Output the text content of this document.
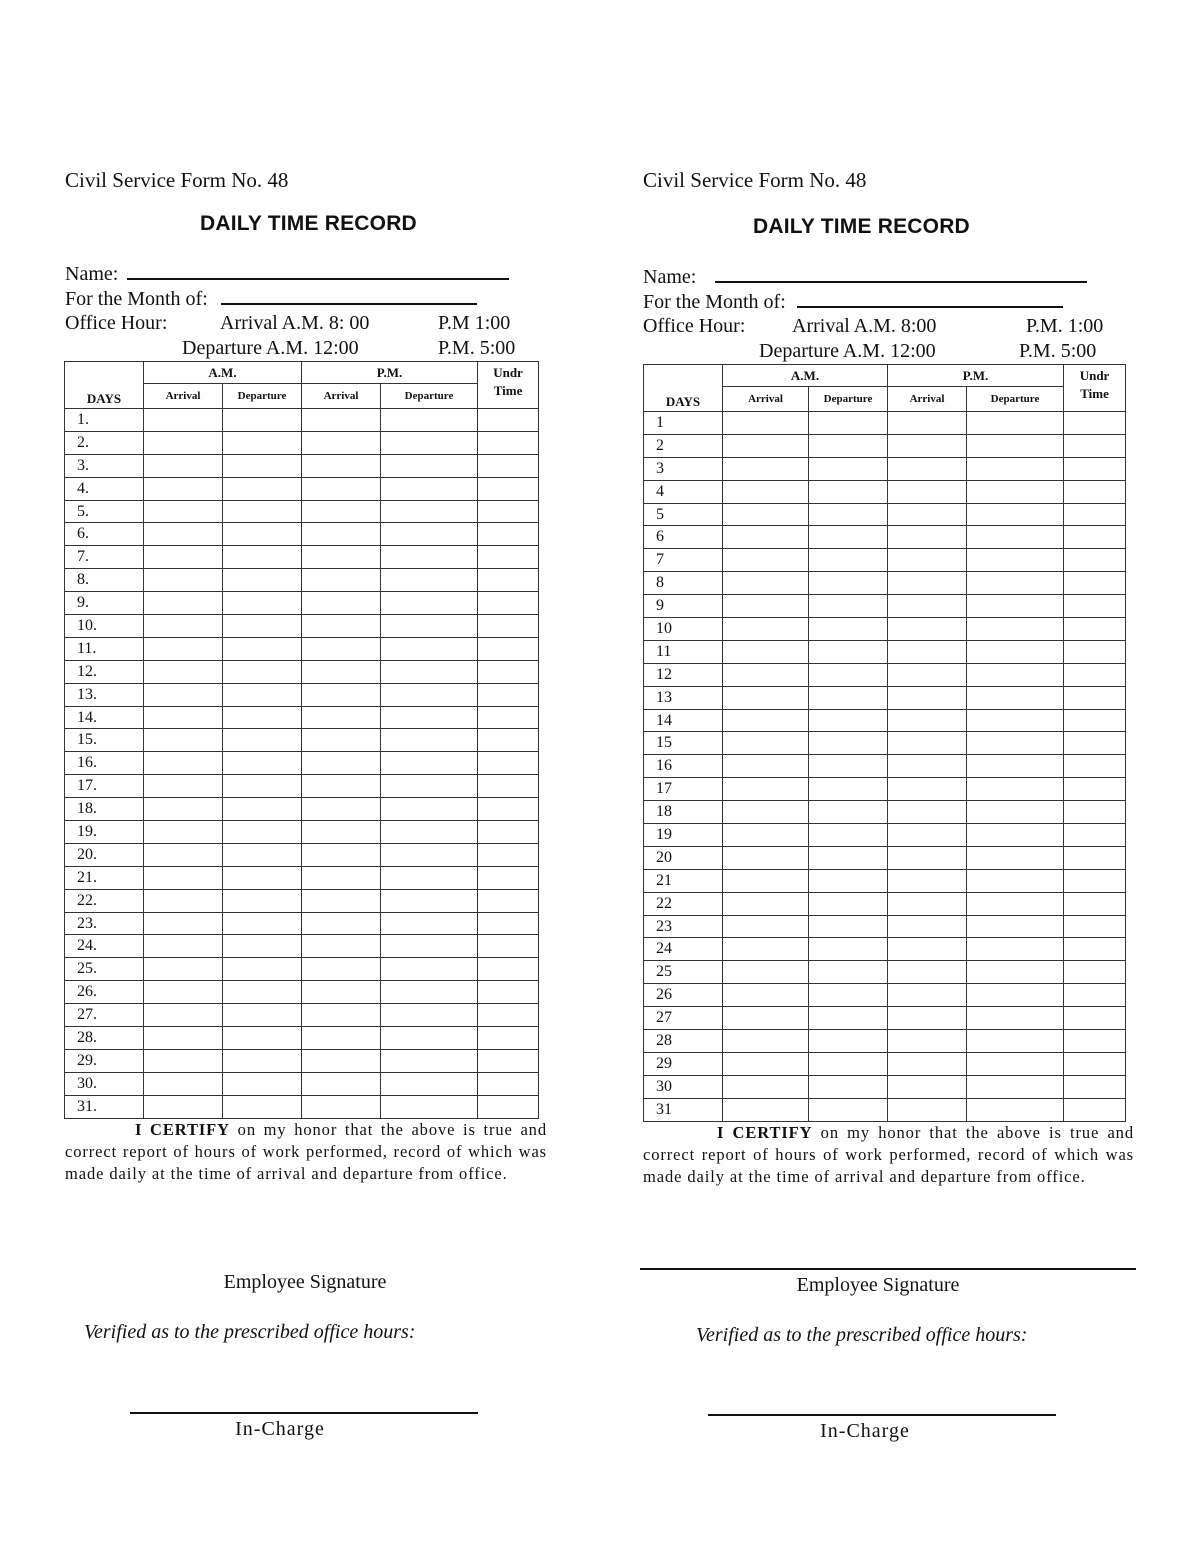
Civil Service Form No. 48
DAILY TIME RECORD
Name:
For the Month of:
Office Hour:	Arrival A.M. 8: 00	P.M 1:00
Departure A.M. 12:00	P.M. 5:00
DAYS	A.M.		P.M.		Undr Time
	Arrival	Departure	Arrival	Departure	
1.					
2.					
3.					
4.					
5.					
6.					
7.					
8.					
9.					
10.					
11.					
12.					
13.					
14.					
15.					
16.					
17.					
18.					
19.					
20.					
21.					
22.					
23.					
24.					
25.					
26.					
27.					
28.					
29.					
30.					
31.					
I CERTIFY on my honor that the above is true and correct report of hours of work performed, record of which was made daily at the time of arrival and departure from office.
Employee Signature
Verified as to the prescribed office hours:
In-Charge
Civil Service Form No. 48
DAILY TIME RECORD
Name:
For the Month of:
Office Hour: Arrival A.M. 8:00	P.M. 1:00
Departure A.M. 12:00	P.M. 5:00
DAYS	A.M.		P.M.		Undr Time
	Arrival	Departure	Arrival	Departure	
1					
2					
3					
4					
5					
6					
7					
8					
9					
10					
11					
12					
13					
14					
15					
16					
17					
18					
19					
20					
21					
22					
23					
24					
25					
26					
27					
28					
29					
30					
31					
I CERTIFY on my honor that the above is true and correct report of hours of work performed, record of which was made daily at the time of arrival and departure from office.
Employee Signature
Verified as to the prescribed office hours:
In-Charge
